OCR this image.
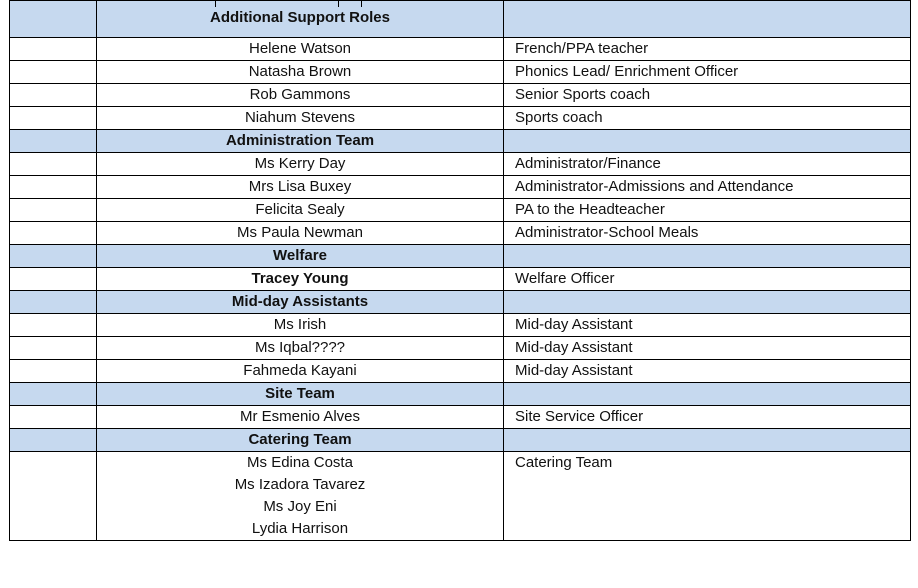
	Additional Support Roles

	Helene Watson	French/PPA teacher
	Natasha Brown	Phonics Lead/ Enrichment Officer
	Rob Gammons	Senior Sports coach
	Niahum Stevens	Sports coach
	Administration Team	
	Ms Kerry Day	Administrator/Finance
	Mrs Lisa Buxey	Administrator-Admissions and Attendance
	Felicita Sealy	PA to the Headteacher
	Ms Paula Newman	Administrator-School Meals
	Welfare	
	Tracey Young	Welfare Officer
	Mid-day Assistants	
	Ms Irish	Mid-day Assistant
	Ms Iqbal????	Mid-day Assistant
	Fahmeda Kayani	Mid-day Assistant
	Site Team	
	Mr Esmenio Alves	Site Service Officer
	Catering Team	

	Ms Edina Costa
Ms Izadora Tavarez
Ms Joy Eni
Lydia Harrison	Catering Team
